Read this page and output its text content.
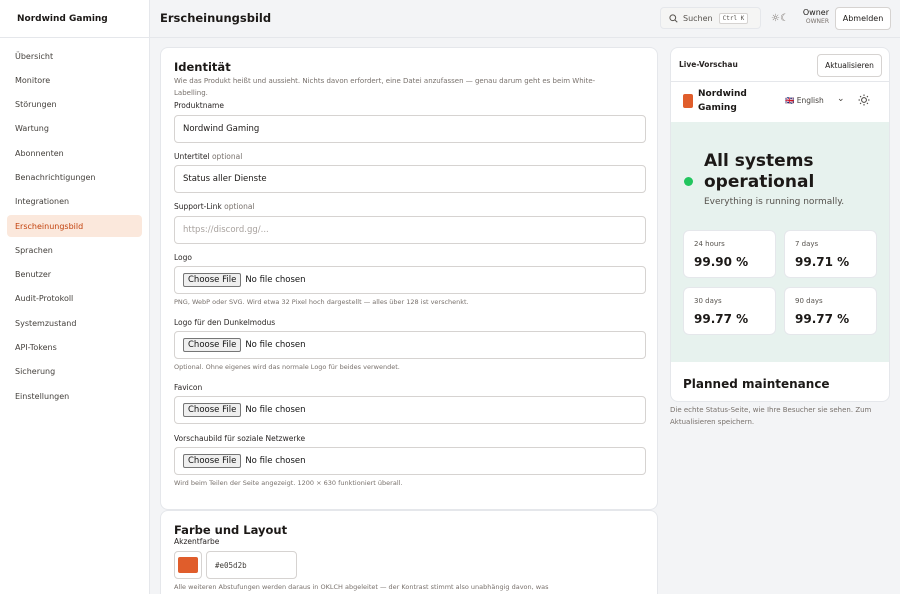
Nordwind Gaming
Übersicht
Monitore
Störungen
Wartung
Abonnenten
Benachrichtigungen
Integrationen
Erscheinungsbild
Sprachen
Benutzer
Audit-Protokoll
Systemzustand
API-Tokens
Sicherung
Einstellungen
Erscheinungsbild	Suchen	Ctrl K	☼☾	Owner
OWNER	Abmelden
Identität
Wie das Produkt heißt und aussieht. Nichts davon erfordert, eine Datei anzufassen — genau darum geht es beim White-Labelling.
Produktname
Nordwind Gaming
Untertitel optional
Status aller Dienste
Support-Link optional
https://discord.gg/...
Logo
Choose File	No file chosen
PNG, WebP oder SVG. Wird etwa 32 Pixel hoch dargestellt — alles über 128 ist verschenkt.
Logo für den Dunkelmodus
Choose File	No file chosen
Optional. Ohne eigenes wird das normale Logo für beides verwendet.
Favicon
Choose File	No file chosen
Vorschaubild für soziale Netzwerke
Choose File	No file chosen
Wird beim Teilen der Seite angezeigt. 1200 × 630 funktioniert überall.
Farbe und Layout
Akzentfarbe
#e05d2b
Alle weiteren Abstufungen werden daraus in OKLCH abgeleitet — der Kontrast stimmt also unabhängig davon, was
Live-Vorschau	Aktualisieren
Nordwind Gaming
🇬🇧 English ⌄
All systems operational
Everything is running normally.
24 hours
99.90 %
7 days
99.71 %
30 days
99.77 %
90 days
99.77 %
Planned maintenance
Die echte Status-Seite, wie Ihre Besucher sie sehen. Zum Aktualisieren speichern.
